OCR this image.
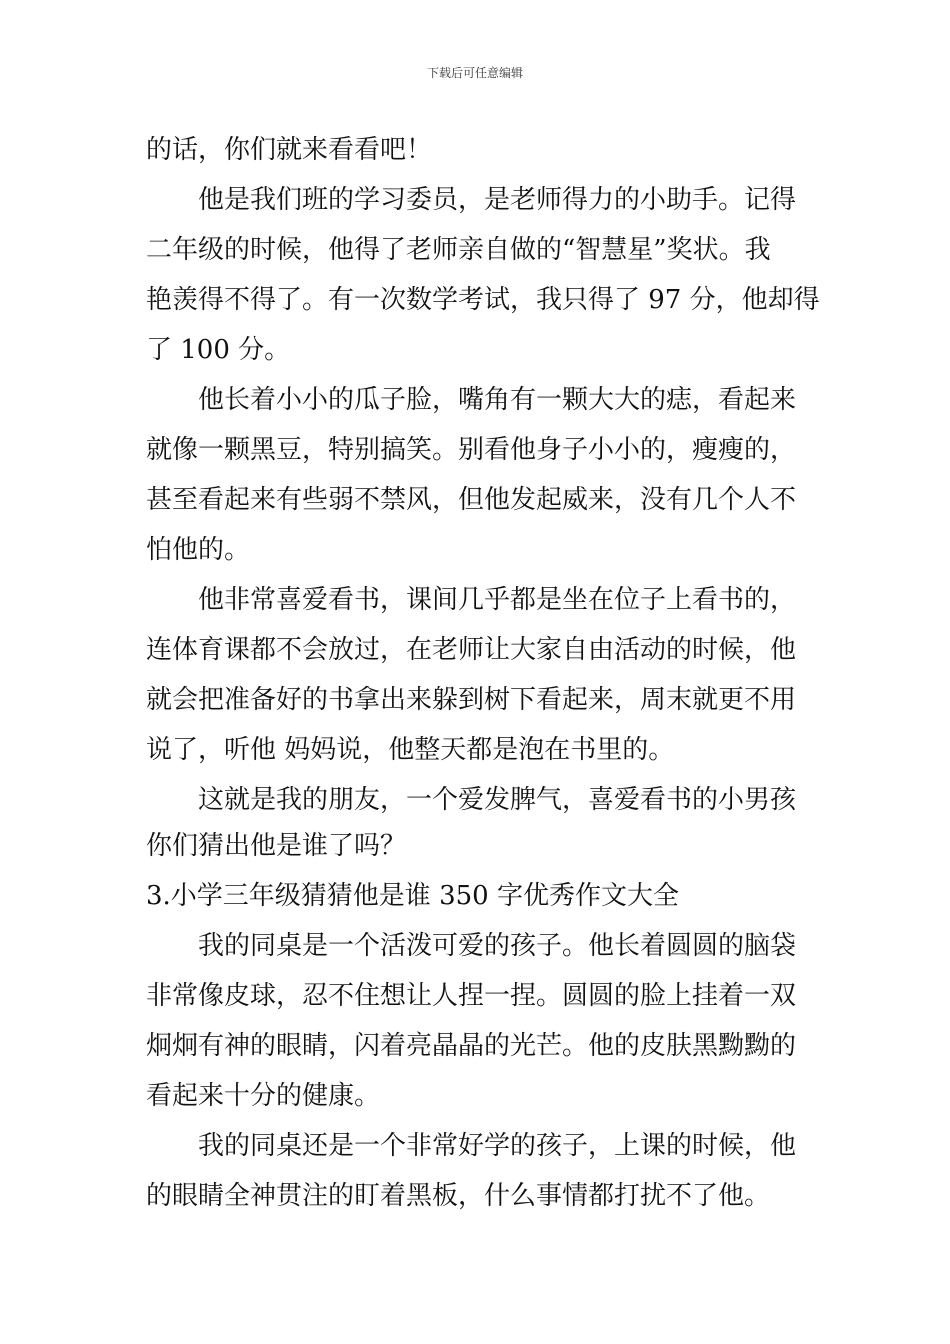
下载后可任意编辑
的话，你们就来看看吧！
他是我们班的学习委员，是老师得力的小助手。记得
二年级的时候，他得了老师亲自做的“智慧星”奖状。我
艳羡得不得了。有一次数学考试，我只得了 97 分，他却得
了 100 分。
他长着小小的瓜子脸，嘴角有一颗大大的痣，看起来
就像一颗黑豆，特别搞笑。别看他身子小小的，瘦瘦的，
甚至看起来有些弱不禁风，但他发起威来，没有几个人不
怕他的。
他非常喜爱看书，课间几乎都是坐在位子上看书的，
连体育课都不会放过，在老师让大家自由活动的时候，他
就会把准备好的书拿出来躲到树下看起来，周末就更不用
说了，听他 妈妈说，他整天都是泡在书里的。
这就是我的朋友，一个爱发脾气，喜爱看书的小男孩
你们猜出他是谁了吗？
3.小学三年级猜猜他是谁 350 字优秀作文大全
我的同桌是一个活泼可爱的孩子。他长着圆圆的脑袋
非常像皮球，忍不住想让人捏一捏。圆圆的脸上挂着一双
炯炯有神的眼睛，闪着亮晶晶的光芒。他的皮肤黑黝黝的
看起来十分的健康。
我的同桌还是一个非常好学的孩子，上课的时候，他
的眼睛全神贯注的盯着黑板，什么事情都打扰不了他。
